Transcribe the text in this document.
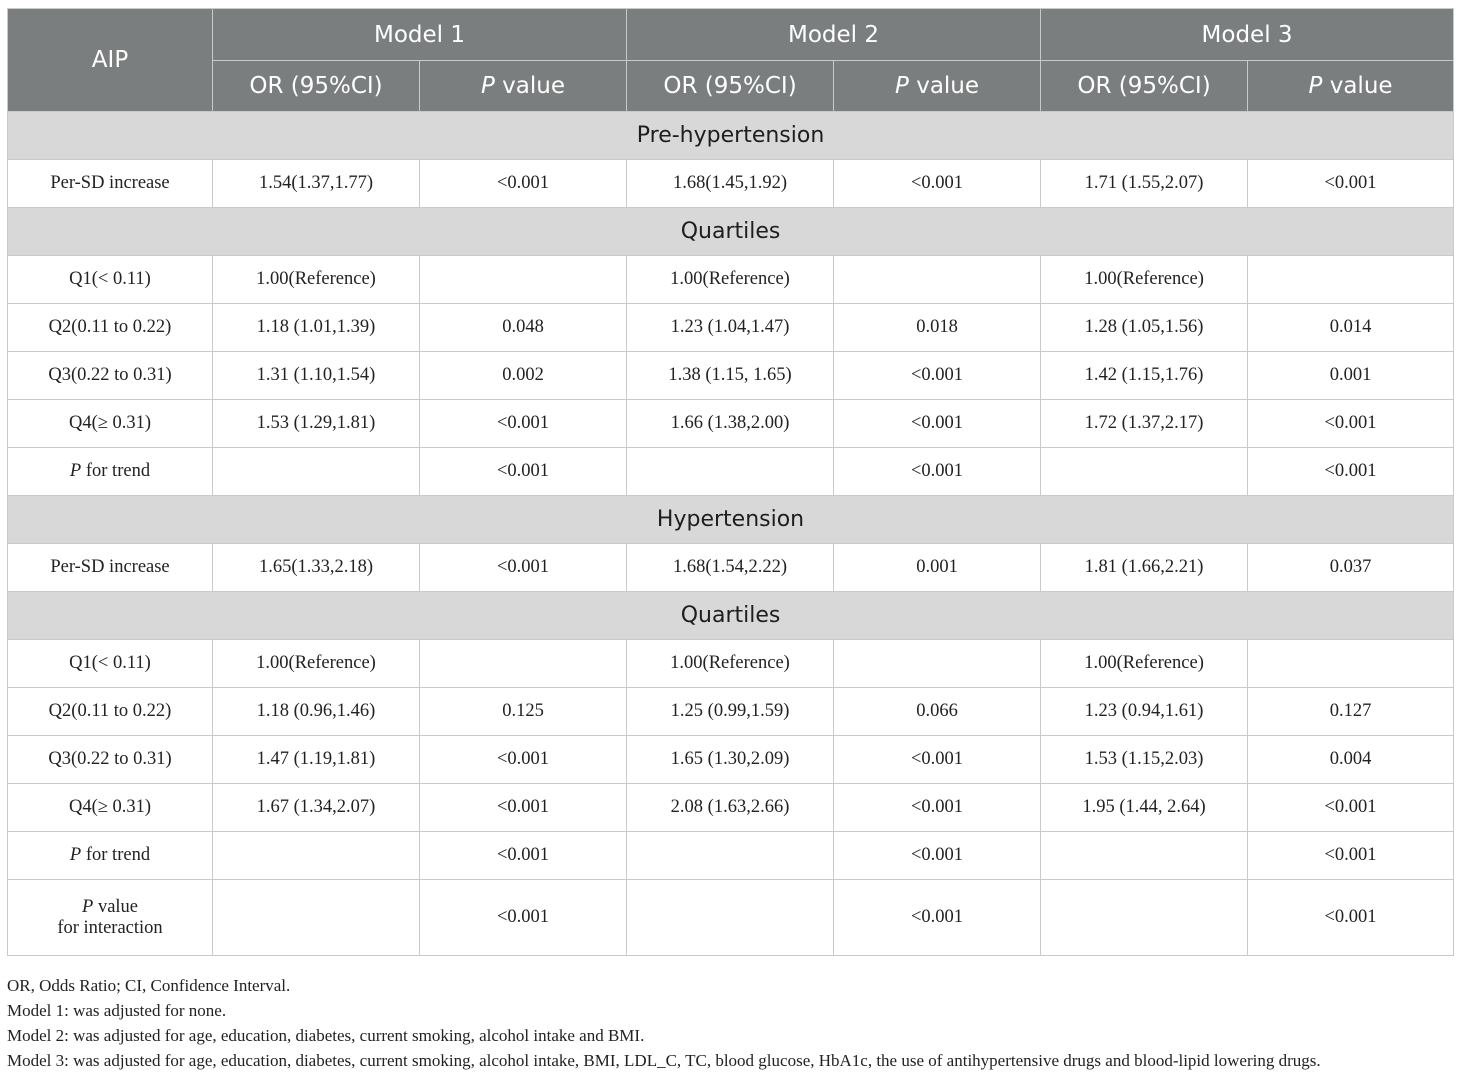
AIP	Model 1		Model 2		Model 3	
	OR (95%CI)	P value	OR (95%CI)	P value	OR (95%CI)	P value
Pre-hypertension						
Per-SD increase	1.54(1.37,1.77)	<0.001	1.68(1.45,1.92)	<0.001	1.71 (1.55,2.07)	<0.001
Quartiles						
Q1(< 0.11)	1.00(Reference)		1.00(Reference)		1.00(Reference)	
Q2(0.11 to 0.22)	1.18 (1.01,1.39)	0.048	1.23 (1.04,1.47)	0.018	1.28 (1.05,1.56)	0.014
Q3(0.22 to 0.31)	1.31 (1.10,1.54)	0.002	1.38 (1.15, 1.65)	<0.001	1.42 (1.15,1.76)	0.001
Q4(≥ 0.31)	1.53 (1.29,1.81)	<0.001	1.66 (1.38,2.00)	<0.001	1.72 (1.37,2.17)	<0.001
P for trend		<0.001		<0.001		<0.001
Hypertension						
Per-SD increase	1.65(1.33,2.18)	<0.001	1.68(1.54,2.22)	0.001	1.81 (1.66,2.21)	0.037
Quartiles						
Q1(< 0.11)	1.00(Reference)		1.00(Reference)		1.00(Reference)	
Q2(0.11 to 0.22)	1.18 (0.96,1.46)	0.125	1.25 (0.99,1.59)	0.066	1.23 (0.94,1.61)	0.127
Q3(0.22 to 0.31)	1.47 (1.19,1.81)	<0.001	1.65 (1.30,2.09)	<0.001	1.53 (1.15,2.03)	0.004
Q4(≥ 0.31)	1.67 (1.34,2.07)	<0.001	2.08 (1.63,2.66)	<0.001	1.95 (1.44, 2.64)	<0.001
P for trend		<0.001		<0.001		<0.001

P value
for interaction		<0.001		<0.001		<0.001
OR, Odds Ratio; CI, Confidence Interval.
Model 1: was adjusted for none.
Model 2: was adjusted for age, education, diabetes, current smoking, alcohol intake and BMI.
Model 3: was adjusted for age, education, diabetes, current smoking, alcohol intake, BMI, LDL_C, TC, blood glucose, HbA1c, the use of antihypertensive drugs and blood-lipid lowering drugs.
